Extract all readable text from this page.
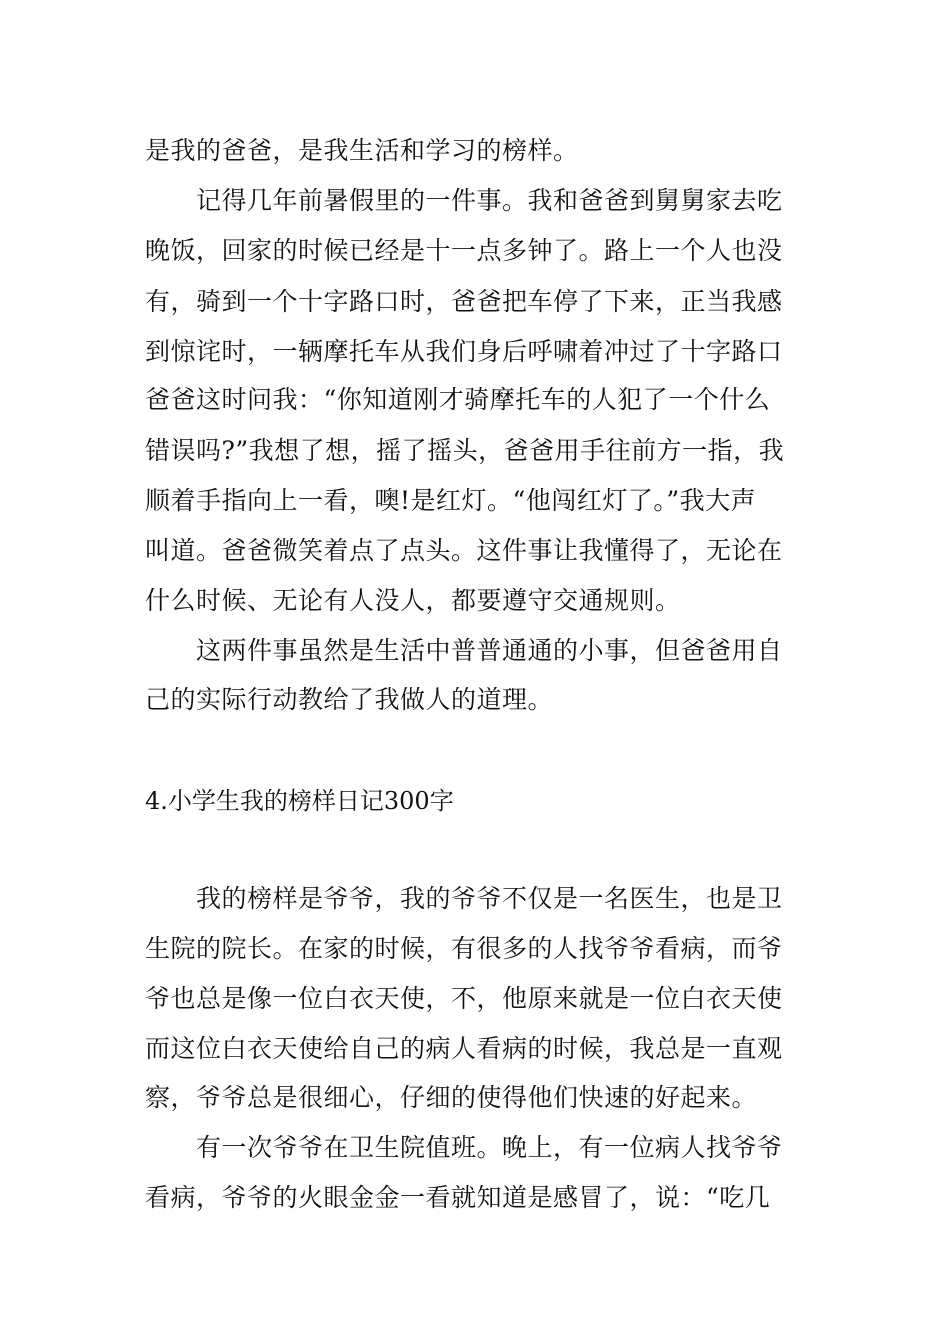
是我的爸爸，是我生活和学习的榜样。
记得几年前暑假里的一件事。我和爸爸到舅舅家去吃
晚饭，回家的时候已经是十一点多钟了。路上一个人也没
有，骑到一个十字路口时，爸爸把车停了下来，正当我感
到惊诧时，一辆摩托车从我们身后呼啸着冲过了十字路口
爸爸这时问我：“你知道刚才骑摩托车的人犯了一个什么
错误吗?”我想了想，摇了摇头，爸爸用手往前方一指，我
顺着手指向上一看，噢!是红灯。“他闯红灯了。”我大声
叫道。爸爸微笑着点了点头。这件事让我懂得了，无论在
什么时候、无论有人没人，都要遵守交通规则。
这两件事虽然是生活中普普通通的小事，但爸爸用自
己的实际行动教给了我做人的道理。
4.小学生我的榜样日记300字
我的榜样是爷爷，我的爷爷不仅是一名医生，也是卫
生院的院长。在家的时候，有很多的人找爷爷看病，而爷
爷也总是像一位白衣天使，不，他原来就是一位白衣天使
而这位白衣天使给自己的病人看病的时候，我总是一直观
察，爷爷总是很细心，仔细的使得他们快速的好起来。
有一次爷爷在卫生院值班。晚上，有一位病人找爷爷
看病，爷爷的火眼金金一看就知道是感冒了，说：“吃几
